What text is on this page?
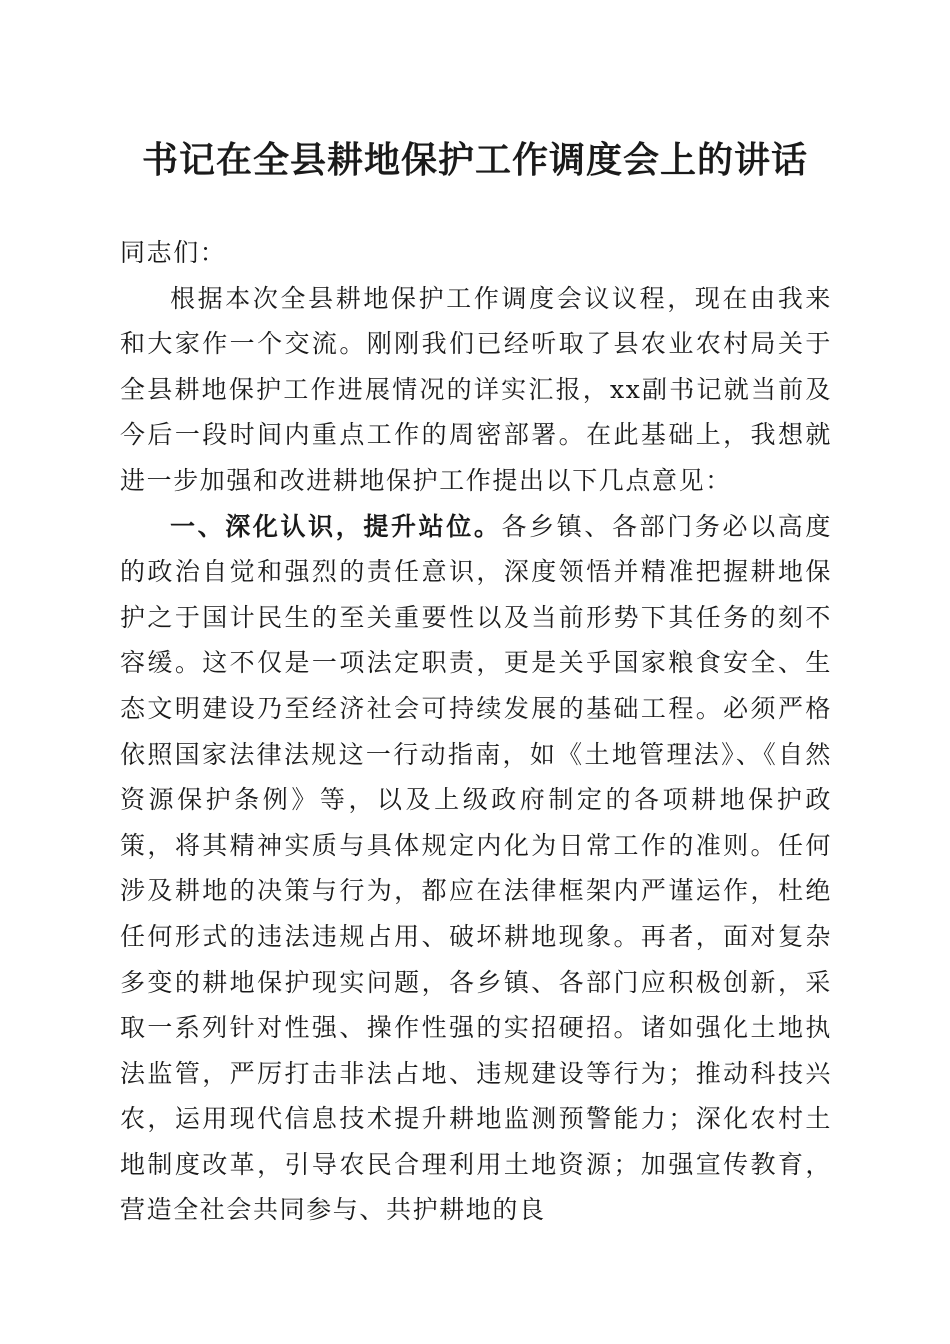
书记在全县耕地保护工作调度会上的讲话

同志们：

根据本次全县耕地保护工作调度会议议程，现在由我来和大家作一个交流。刚刚我们已经听取了县农业农村局关于全县耕地保护工作进展情况的详实汇报，xx副书记就当前及今后一段时间内重点工作的周密部署。在此基础上，我想就进一步加强和改进耕地保护工作提出以下几点意见：

一、深化认识，提升站位。各乡镇、各部门务必以高度的政治自觉和强烈的责任意识，深度领悟并精准把握耕地保护之于国计民生的至关重要性以及当前形势下其任务的刻不容缓。这不仅是一项法定职责，更是关乎国家粮食安全、生态文明建设乃至经济社会可持续发展的基础工程。必须严格依照国家法律法规这一行动指南，如《土地管理法》、《自然资源保护条例》等，以及上级政府制定的各项耕地保护政策，将其精神实质与具体规定内化为日常工作的准则。任何涉及耕地的决策与行为，都应在法律框架内严谨运作，杜绝任何形式的违法违规占用、破坏耕地现象。再者，面对复杂多变的耕地保护现实问题，各乡镇、各部门应积极创新，采取一系列针对性强、操作性强的实招硬招。诸如强化土地执法监管，严厉打击非法占地、违规建设等行为；推动科技兴农，运用现代信息技术提升耕地监测预警能力；深化农村土地制度改革，引导农民合理利用土地资源；加强宣传教育，营造全社会共同参与、共护耕地的良
